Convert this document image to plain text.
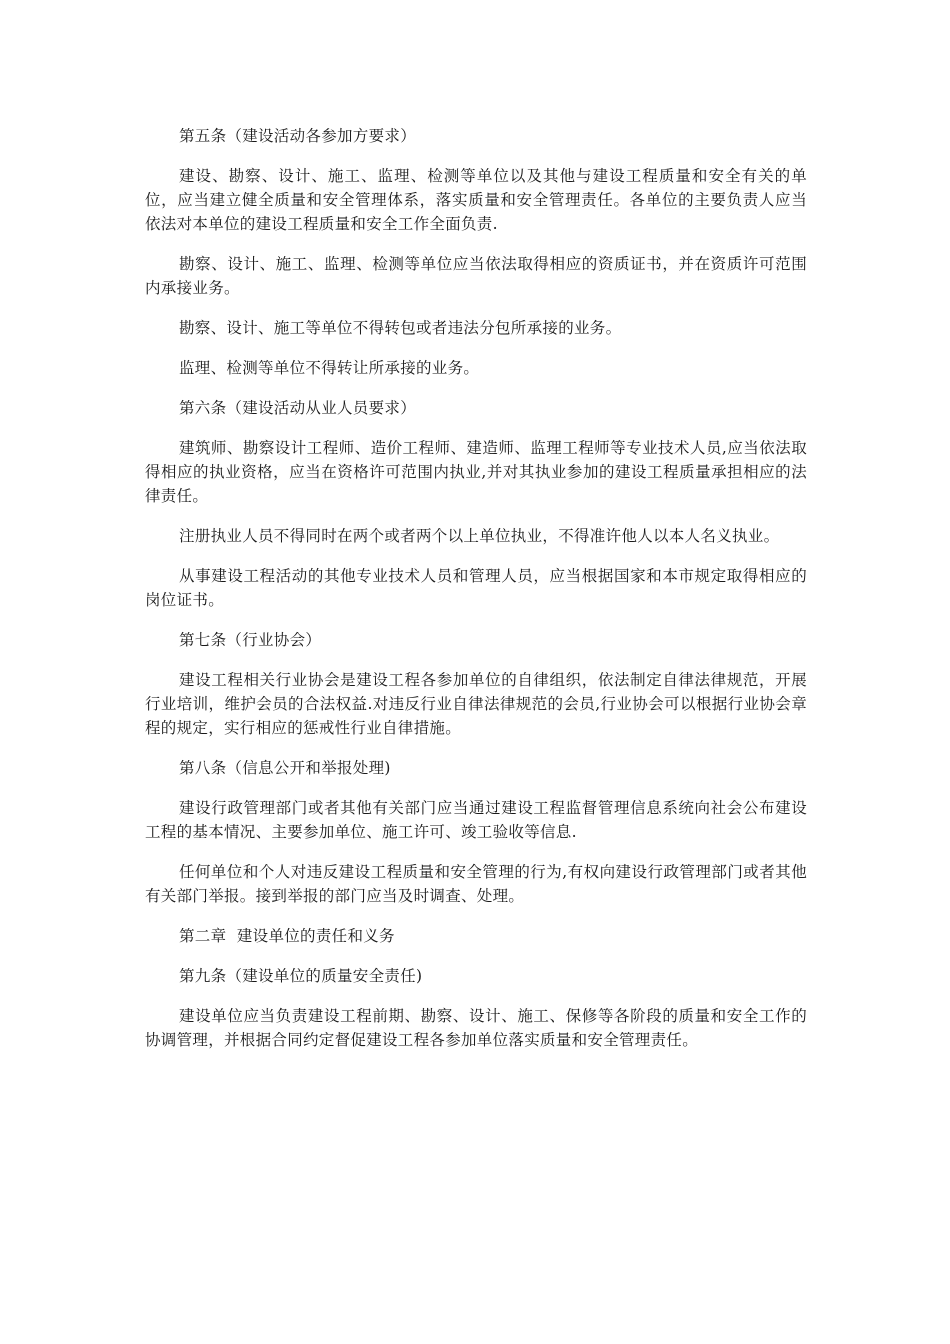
第五条（建设活动各参加方要求）

建设、勘察、设计、施工、监理、检测等单位以及其他与建设工程质量和安全有关的单位，应当建立健全质量和安全管理体系，落实质量和安全管理责任。各单位的主要负责人应当依法对本单位的建设工程质量和安全工作全面负责.

勘察、设计、施工、监理、检测等单位应当依法取得相应的资质证书，并在资质许可范围内承接业务。

勘察、设计、施工等单位不得转包或者违法分包所承接的业务。

监理、检测等单位不得转让所承接的业务。

第六条（建设活动从业人员要求）

建筑师、勘察设计工程师、造价工程师、建造师、监理工程师等专业技术人员,应当依法取得相应的执业资格，应当在资格许可范围内执业,并对其执业参加的建设工程质量承担相应的法律责任。

注册执业人员不得同时在两个或者两个以上单位执业，不得准许他人以本人名义执业。

从事建设工程活动的其他专业技术人员和管理人员，应当根据国家和本市规定取得相应的岗位证书。

第七条（行业协会）

建设工程相关行业协会是建设工程各参加单位的自律组织，依法制定自律法律规范，开展行业培训，维护会员的合法权益.对违反行业自律法律规范的会员,行业协会可以根据行业协会章程的规定，实行相应的惩戒性行业自律措施。

第八条（信息公开和举报处理)

建设行政管理部门或者其他有关部门应当通过建设工程监督管理信息系统向社会公布建设工程的基本情况、主要参加单位、施工许可、竣工验收等信息.

任何单位和个人对违反建设工程质量和安全管理的行为,有权向建设行政管理部门或者其他有关部门举报。接到举报的部门应当及时调查、处理。

第二章  建设单位的责任和义务

第九条（建设单位的质量安全责任)

建设单位应当负责建设工程前期、勘察、设计、施工、保修等各阶段的质量和安全工作的协调管理，并根据合同约定督促建设工程各参加单位落实质量和安全管理责任。
